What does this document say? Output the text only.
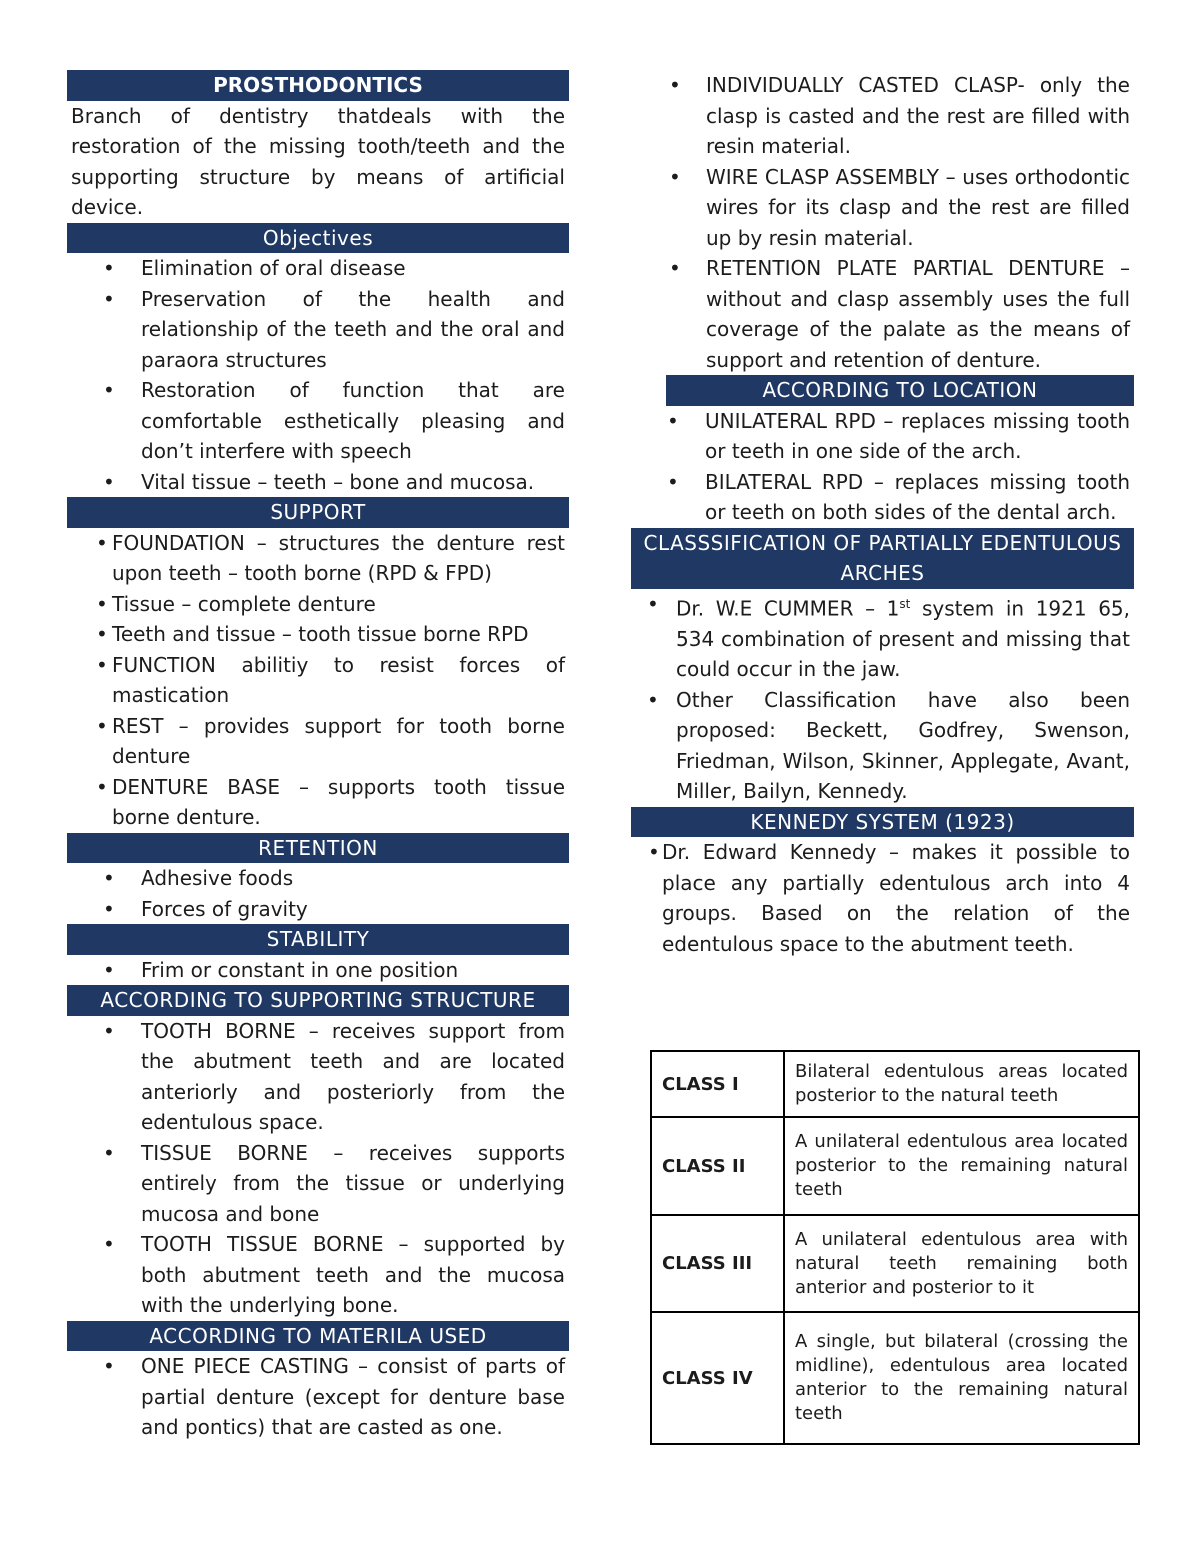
PROSTHODONTICS

Branch of dentistry thatdeals with the restoration of the missing tooth/teeth and the supporting structure by means of artificial device.

Objectives
• Elimination of oral disease
• Preservation of the health and relationship of the teeth and the oral and paraora structures
• Restoration of function that are comfortable esthetically pleasing and don’t interfere with speech
• Vital tissue – teeth – bone and mucosa.
SUPPORT
• FOUNDATION – structures the denture rest upon teeth – tooth borne (RPD & FPD)
• Tissue – complete denture
• Teeth and tissue – tooth tissue borne RPD
• FUNCTION abilitiy to resist forces of mastication
• REST – provides support for tooth borne denture
• DENTURE BASE – supports tooth tissue borne denture.
RETENTION
• Adhesive foods
• Forces of gravity
STABILITY
• Frim or constant in one position
ACCORDING TO SUPPORTING STRUCTURE
• TOOTH BORNE – receives support from the abutment teeth and are located anteriorly and posteriorly from the edentulous space.
• TISSUE BORNE – receives supports entirely from the tissue or underlying mucosa and bone
• TOOTH TISSUE BORNE – supported by both abutment teeth and the mucosa with the underlying bone.
ACCORDING TO MATERILA USED
• ONE PIECE CASTING – consist of parts of partial denture (except for denture base and pontics) that are casted as one.
• INDIVIDUALLY CASTED CLASP- only the clasp is casted and the rest are filled with resin material.
• WIRE CLASP ASSEMBLY – uses orthodontic wires for its clasp and the rest are filled up by resin material.
• RETENTION PLATE PARTIAL DENTURE – without and clasp assembly uses the full coverage of the palate as the means of support and retention of denture.
ACCORDING TO LOCATION
• UNILATERAL RPD – replaces missing tooth or teeth in one side of the arch.
• BILATERAL RPD – replaces missing tooth or teeth on both sides of the dental arch.
CLASSSIFICATION OF PARTIALLY EDENTULOUS
ARCHES
• Dr. W.E CUMMER – 1st system in 1921 65, 534 combination of present and missing that could occur in the jaw.
• Other Classification have also been proposed: Beckett, Godfrey, Swenson, Friedman, Wilson, Skinner, Applegate, Avant, Miller, Bailyn, Kennedy.
KENNEDY SYSTEM (1923)
• Dr. Edward Kennedy – makes it possible to place any partially edentulous arch into 4 groups. Based on the relation of the edentulous space to the abutment teeth.
CLASS I	Bilateral edentulous areas located posterior to the natural teeth
CLASS II	A unilateral edentulous area located posterior to the remaining natural teeth
CLASS III	A unilateral edentulous area with natural teeth remaining both anterior and posterior to it
CLASS IV	A single, but bilateral (crossing the midline), edentulous area located anterior to the remaining natural teeth
